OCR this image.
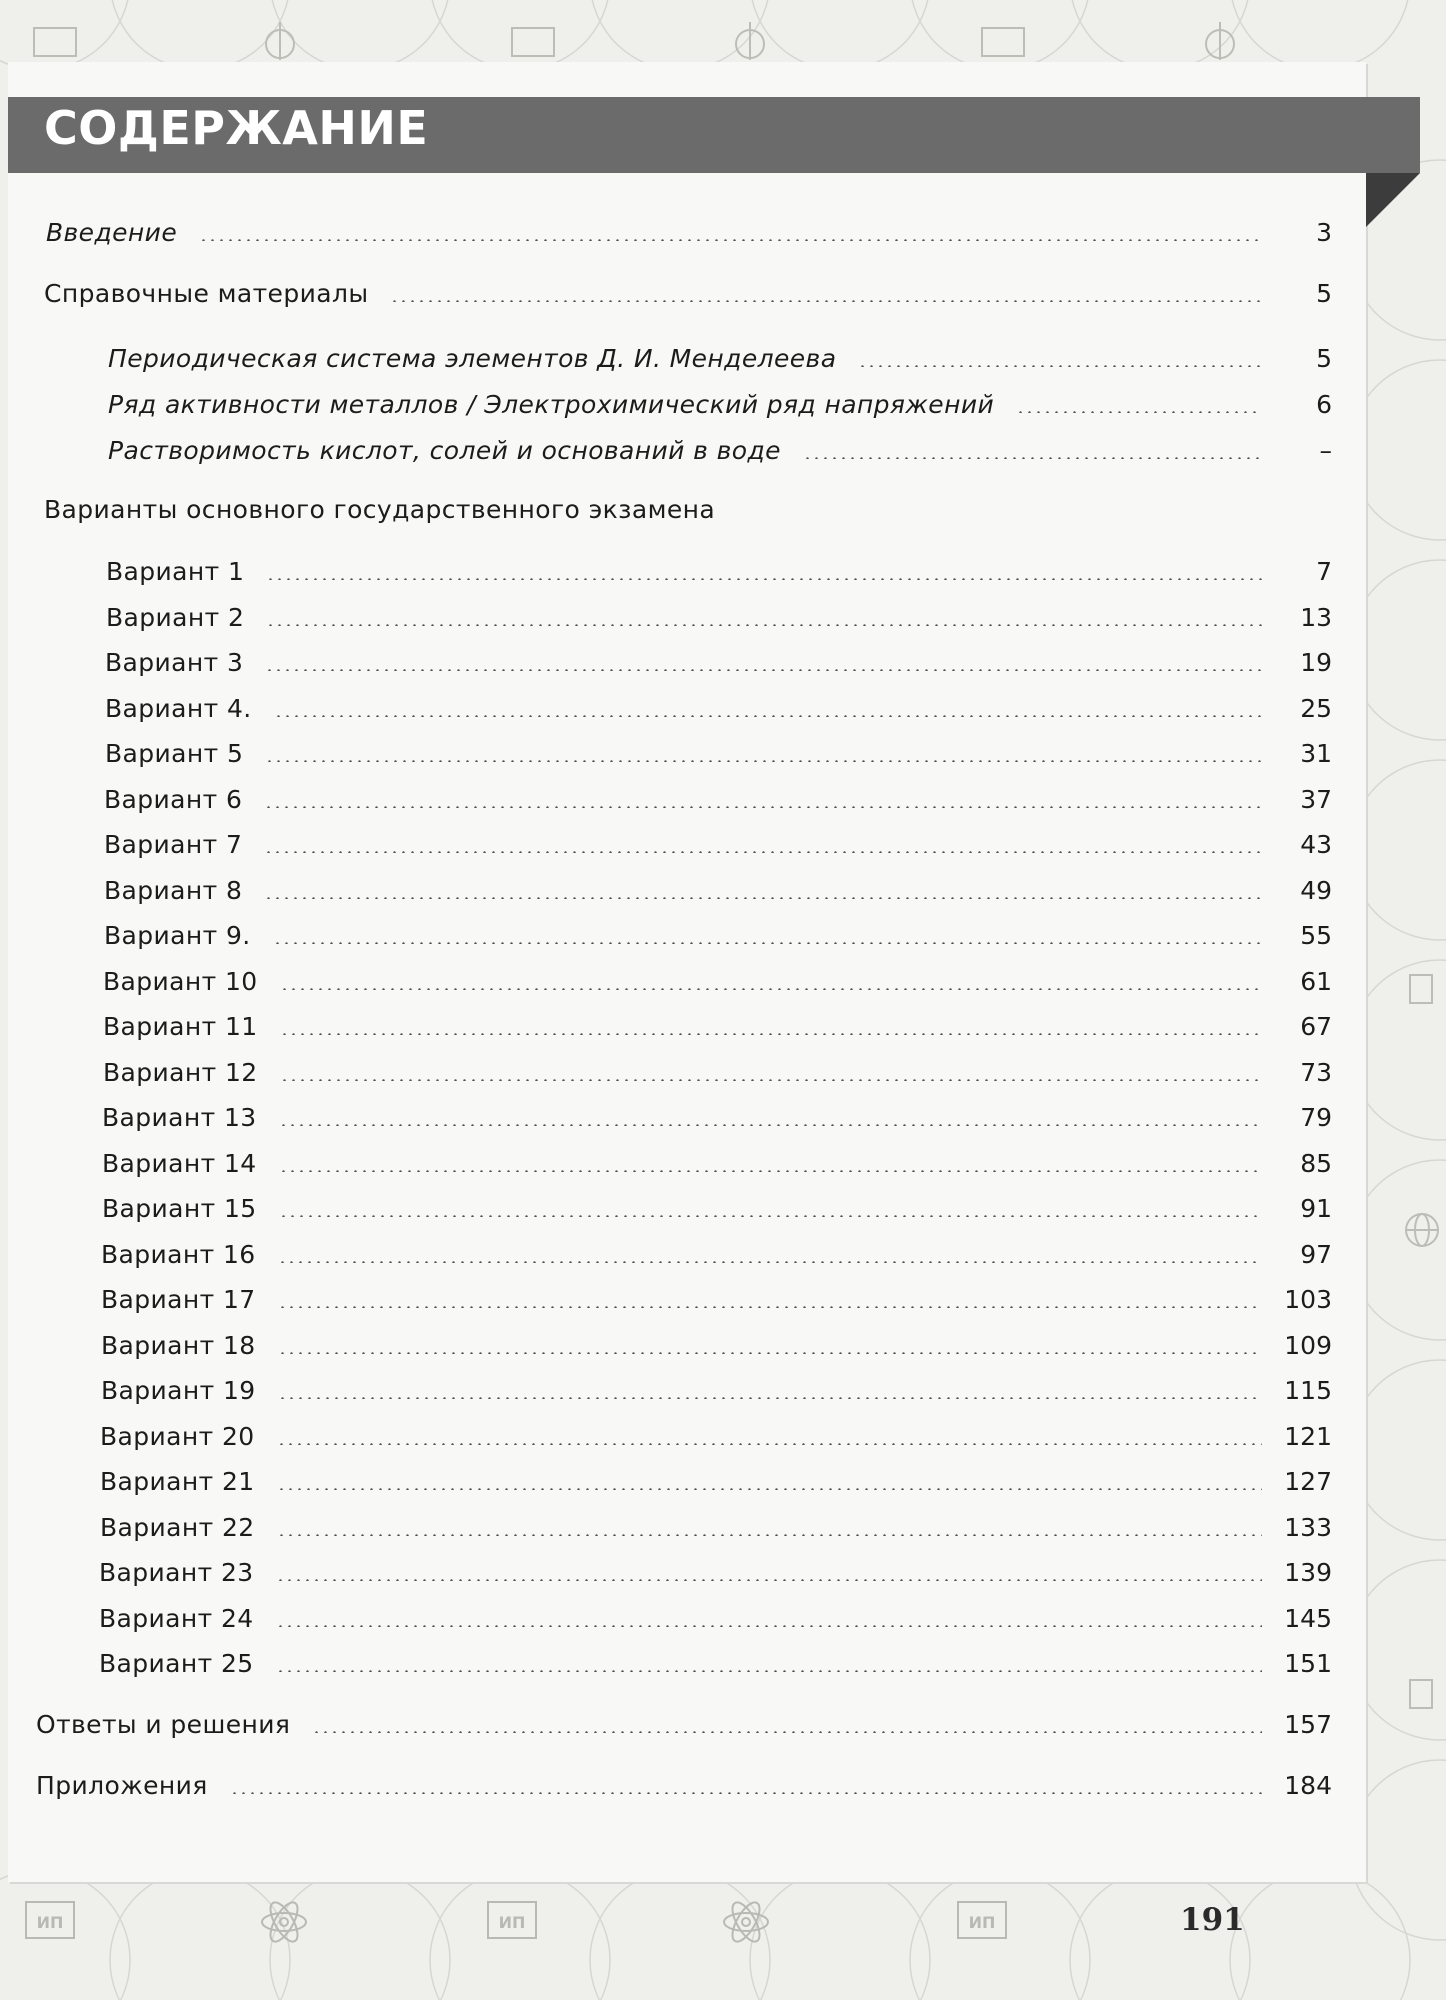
СОДЕРЖАНИЕ
Введение	3
Справочные материалы	5
Периодическая система элементов Д. И. Менделеева	5
Ряд активности металлов / Электрохимический ряд напряжений	6
Растворимость кислот, солей и оснований в воде	–
Варианты основного государственного экзамена
Вариант 1	7
Вариант 2	13
Вариант 3	19
Вариант 4.	25
Вариант 5	31
Вариант 6	37
Вариант 7	43
Вариант 8	49
Вариант 9.	55
Вариант 10	61
Вариант 11	67
Вариант 12	73
Вариант 13	79
Вариант 14	85
Вариант 15	91
Вариант 16	97
Вариант 17	103
Вариант 18	109
Вариант 19	115
Вариант 20	121
Вариант 21	127
Вариант 22	133
Вариант 23	139
Вариант 24	145
Вариант 25	151
Ответы и решения	157
Приложения	184
ИП	ИП	ИП	191
